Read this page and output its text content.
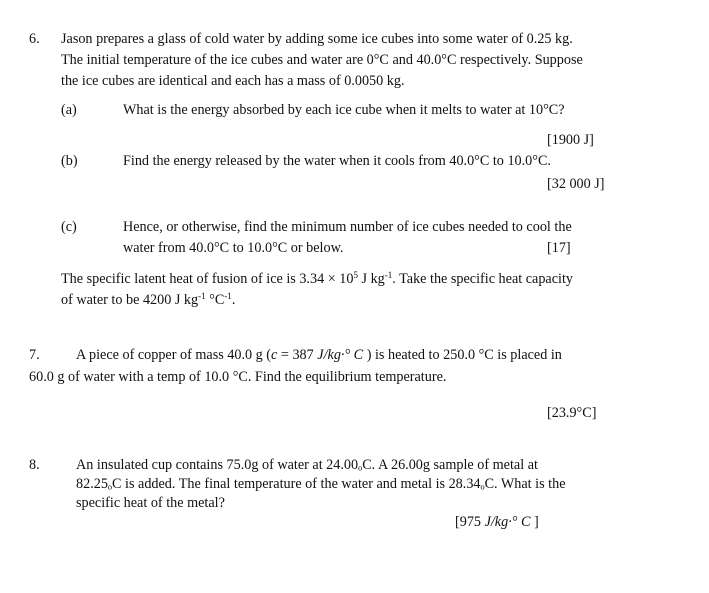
6. Jason prepares a glass of cold water by adding some ice cubes into some water of 0.25 kg.
The initial temperature of the ice cubes and water are 0°C and 40.0°C respectively. Suppose
the ice cubes are identical and each has a mass of 0.0050 kg.
(a)	What is the energy absorbed by each ice cube when it melts to water at 10°C?
[1900 J]
(b)	Find the energy released by the water when it cools from 40.0°C to 10.0°C.
[32 000 J]
(c)	Hence, or otherwise, find the minimum number of ice cubes needed to cool the
water from 40.0°C to 10.0°C or below.	[17]
The specific latent heat of fusion of ice is $3.34 \times 10^5$ J $kg^{-1}$. Take the specific heat capacity
of water to be 4200 J $kg^{-1}$ $^\circ C^{-1}$.
7.	A piece of copper of mass 40.0 g (c = 387 J/kg·° C ) is heated to 250.0 °C is placed in
60.0 g of water with a temp of 10.0 °C. Find the equilibrium temperature.
[23.9°C]
8.	An insulated cup contains 75.0g of water at 24.00ₒC. A 26.00g sample of metal at
82.25ₒC is added. The final temperature of the water and metal is 28.34ₒC. What is the
specific heat of the metal?
[975 J/kg·° C ]
